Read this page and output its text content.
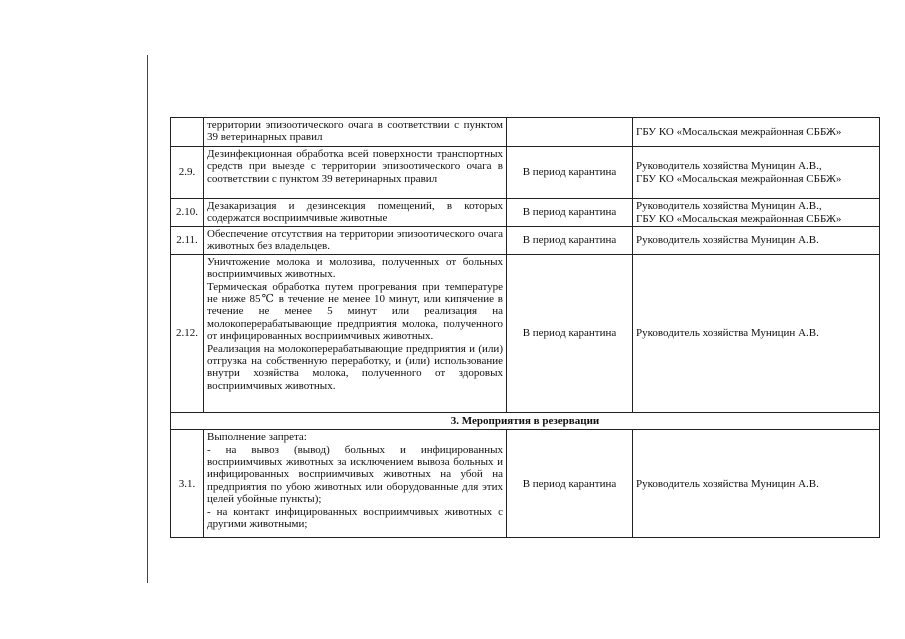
	территории эпизоотического очага в соответствии с пунктом 39 ветеринарных правил		ГБУ КО «Мосальская межрайонная СББЖ»

2.9.	Дезинфекционная обработка всей поверхности транспортных средств при выезде с территории эпизоотического очага в соответствии с пунктом 39 ветеринарных правил	В период карантина	Руководитель хозяйства Муницин А.В.,
ГБУ КО «Мосальская межрайонная СББЖ»

2.10.	Дезакаризация и дезинсекция помещений, в которых содержатся восприимчивые животные	В период карантина	Руководитель хозяйства Муницин А.В.,
ГБУ КО «Мосальская межрайонная СББЖ»

2.11.	Обеспечение отсутствия на территории эпизоотического очага животных без владельцев.	В период карантина	Руководитель хозяйства Муницин А.В.

2.12.	Уничтожение молока и молозива, полученных от больных восприимчивых животных.
Термическая обработка путем прогревания при температуре не ниже 85℃ в течение не менее 10 минут, или кипячение в течение не менее 5 минут или реализация на молокоперерабатывающие предприятия молока, полученного от инфицированных восприимчивых животных.
Реализация на молокоперерабатывающие предприятия и (или) отгрузка на собственную переработку, и (или) использование внутри хозяйства молока, полученного от здоровых восприимчивых животных.	В период карантина	Руководитель хозяйства Муницин А.В.

3. Мероприятия в резервации			
3.1.	Выполнение запрета:
- на вывоз (вывод) больных и инфицированных восприимчивых животных за исключением вывоза больных и инфицированных восприимчивых животных на убой на предприятия по убою животных или оборудованные для этих целей убойные пункты);
- на контакт инфицированных восприимчивых животных с другими животными;	В период карантина	Руководитель хозяйства Муницин А.В.
